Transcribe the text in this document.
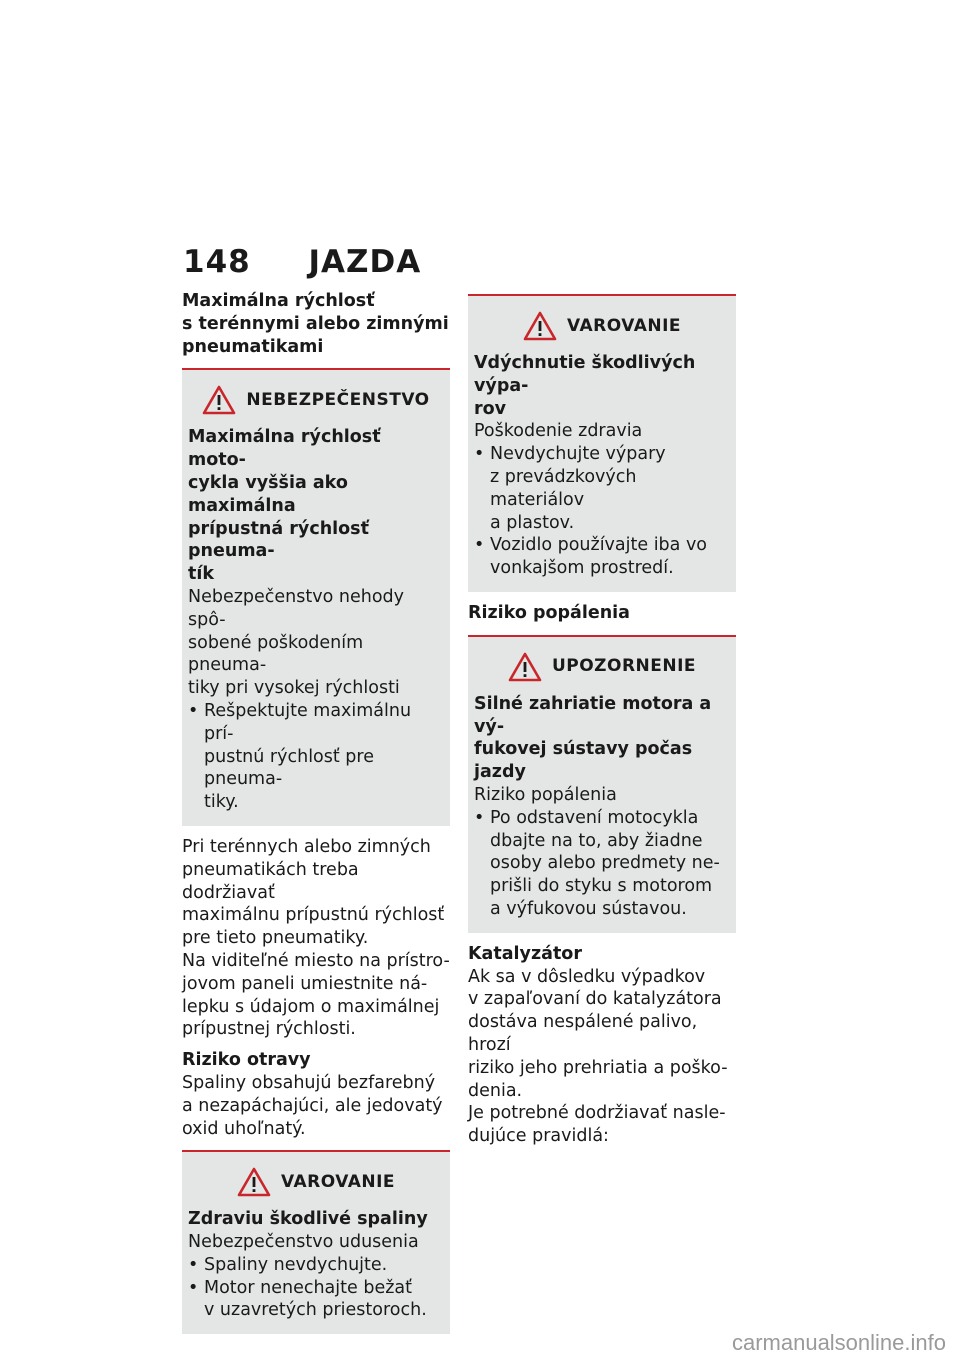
148 JAZDA

Maximálna rýchlosť
s terénnymi alebo zimnými
pneumatikami

NEBEZPEČENSTVO
Maximálna rýchlosť moto-
cykla vyššia ako maximálna
prípustná rýchlosť pneuma-
tík
Nebezpečenstvo nehody spô-
sobené poškodením pneuma-
tiky pri vysokej rýchlosti
• Rešpektujte maximálnu prí-
pustnú rýchlosť pre pneuma-
tiky.

Pri terénnych alebo zimných
pneumatikách treba dodržiavať
maximálnu prípustnú rýchlosť
pre tieto pneumatiky.

Na viditeľné miesto na prístro-
jovom paneli umiestnite ná-
lepku s údajom o maximálnej
prípustnej rýchlosti.

Riziko otravy

Spaliny obsahujú bezfarebný
a nezapáchajúci, ale jedovatý
oxid uhoľnatý.

VAROVANIE
Zdraviu škodlivé spaliny
Nebezpečenstvo udusenia
• Spaliny nevdychujte.
• Motor nenechajte bežať
v uzavretých priestoroch.
VAROVANIE
Vdýchnutie škodlivých výpa-
rov
Poškodenie zdravia
• Nevdychujte výpary
z prevádzkových materiálov
a plastov.
• Vozidlo používajte iba vo
vonkajšom prostredí.

Riziko popálenia

UPOZORNENIE
Silné zahriatie motora a vý-
fukovej sústavy počas jazdy
Riziko popálenia
• Po odstavení motocykla
dbajte na to, aby žiadne
osoby alebo predmety ne-
prišli do styku s motorom
a výfukovou sústavou.

Katalyzátor

Ak sa v dôsledku výpadkov
v zapaľovaní do katalyzátora
dostáva nespálené palivo, hrozí
riziko jeho prehriatia a poško-
denia.

Je potrebné dodržiavať nasle-
dujúce pravidlá:

carmanualsonline.info
